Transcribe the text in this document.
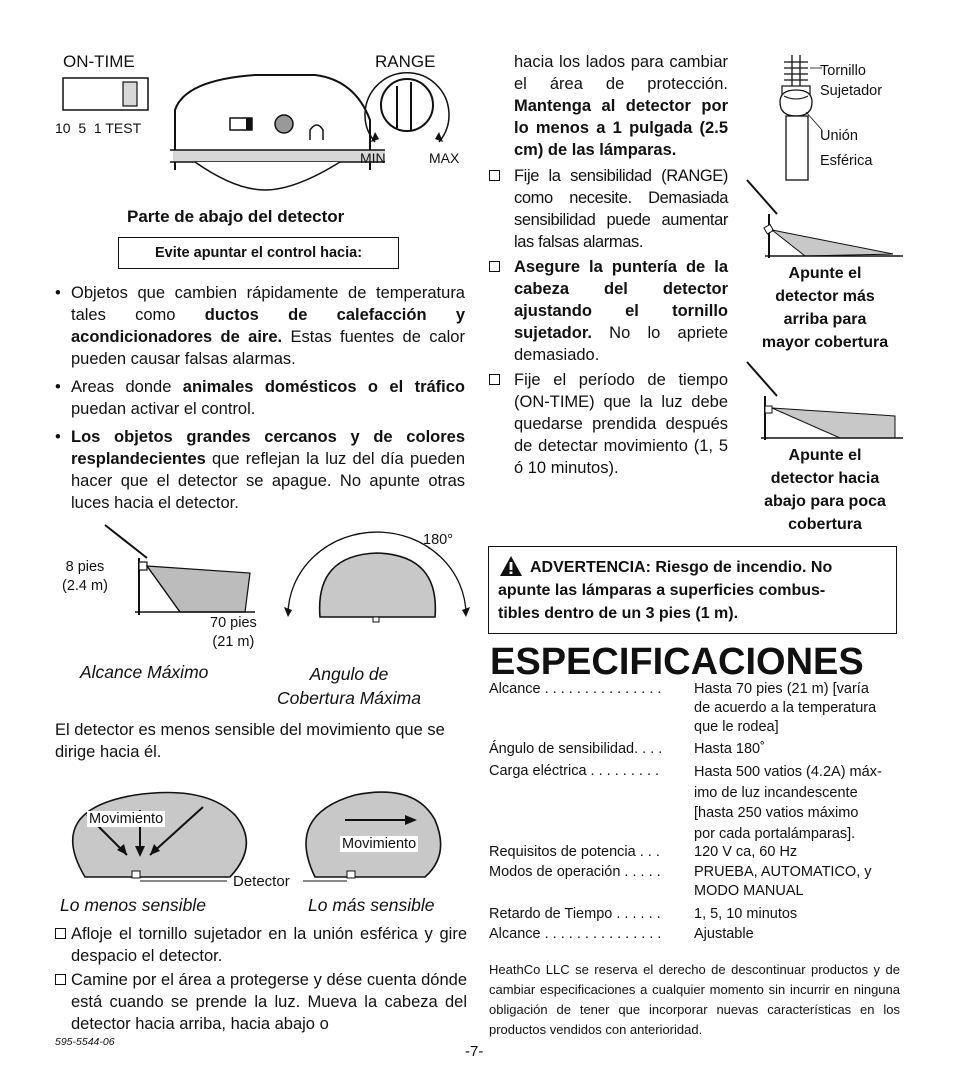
ON-TIME
10  5  1 TEST
RANGE
MIN	MAX
Parte de abajo del detector
Evite apuntar el control hacia:
• Objetos que cambien rápidamente de temperatura tales como ductos de calefacción y acondicionadores de aire. Estas fuentes de calor pueden causar falsas alarmas.
• Areas donde animales domésticos o el tráfico puedan activar el control.
• Los objetos grandes cercanos y de colores resplandecientes que reflejan la luz del día pueden hacer que el detector se apague. No apunte otras luces hacia el detector.
8 pies
(2.4 m)
70 pies
(21 m)
Alcance Máximo
180°
Angulo de
Cobertura Máxima
El detector es menos sensible del movimiento que se dirige hacia él.
Movimiento
Movimiento
Detector
Lo menos sensible	Lo más sensible
Afloje el tornillo sujetador en la unión esférica y gire despacio el detector.
Camine por el área a protegerse y dése cuenta dónde está cuando se prende la luz. Mueva la cabeza del detector hacia arriba, hacia abajo o
hacia los lados para cambiar el área de protección. Mantenga al detector por lo menos a 1 pulgada (2.5 cm) de las lámparas.
Fije la sensibilidad (RANGE) como necesite. Demasiada sensibilidad puede aumentar las falsas alarmas.
Asegure la puntería de la cabeza del detector ajustando el tornillo sujetador. No lo apriete demasiado.
Fije el período de tiempo (ON-TIME) que la luz debe quedarse prendida después de detectar movimiento (1, 5 ó 10 minutos).
Tornillo
Sujetador
Unión
Esférica
Apunte el
detector más
arriba para
mayor cobertura
Apunte el
detector hacia
abajo para poca
cobertura
ADVERTENCIA: Riesgo de incendio. No
apunte las lámparas a superficies combus-
tibles dentro de un 3 pies (1 m).
ESPECIFICACIONES
Alcance . . . . . . . . . . . . . . . Hasta 70 pies (21 m) [varía
de acuerdo a la temperatura
que le rodea]
Ángulo de sensibilidad. . . . Hasta 180˚
Carga eléctrica . . . . . . . . . Hasta 500 vatios (4.2A) máx-
imo de luz incandescente
[hasta 250 vatios máximo
por cada portalámparas].
Requisitos de potencia . . . 120 V ca, 60 Hz
Modos de operación . . . . . PRUEBA, AUTOMATICO, y
MODO MANUAL
Retardo de Tiempo . . . . . . 1, 5, 10 minutos
Alcance . . . . . . . . . . . . . . . Ajustable
HeathCo LLC se reserva el derecho de descontinuar productos y de cambiar especificaciones a cualquier momento sin incurrir en ninguna obligación de tener que incorporar nuevas características en los productos vendidos con anterioridad.
595-5544-06
-7-
